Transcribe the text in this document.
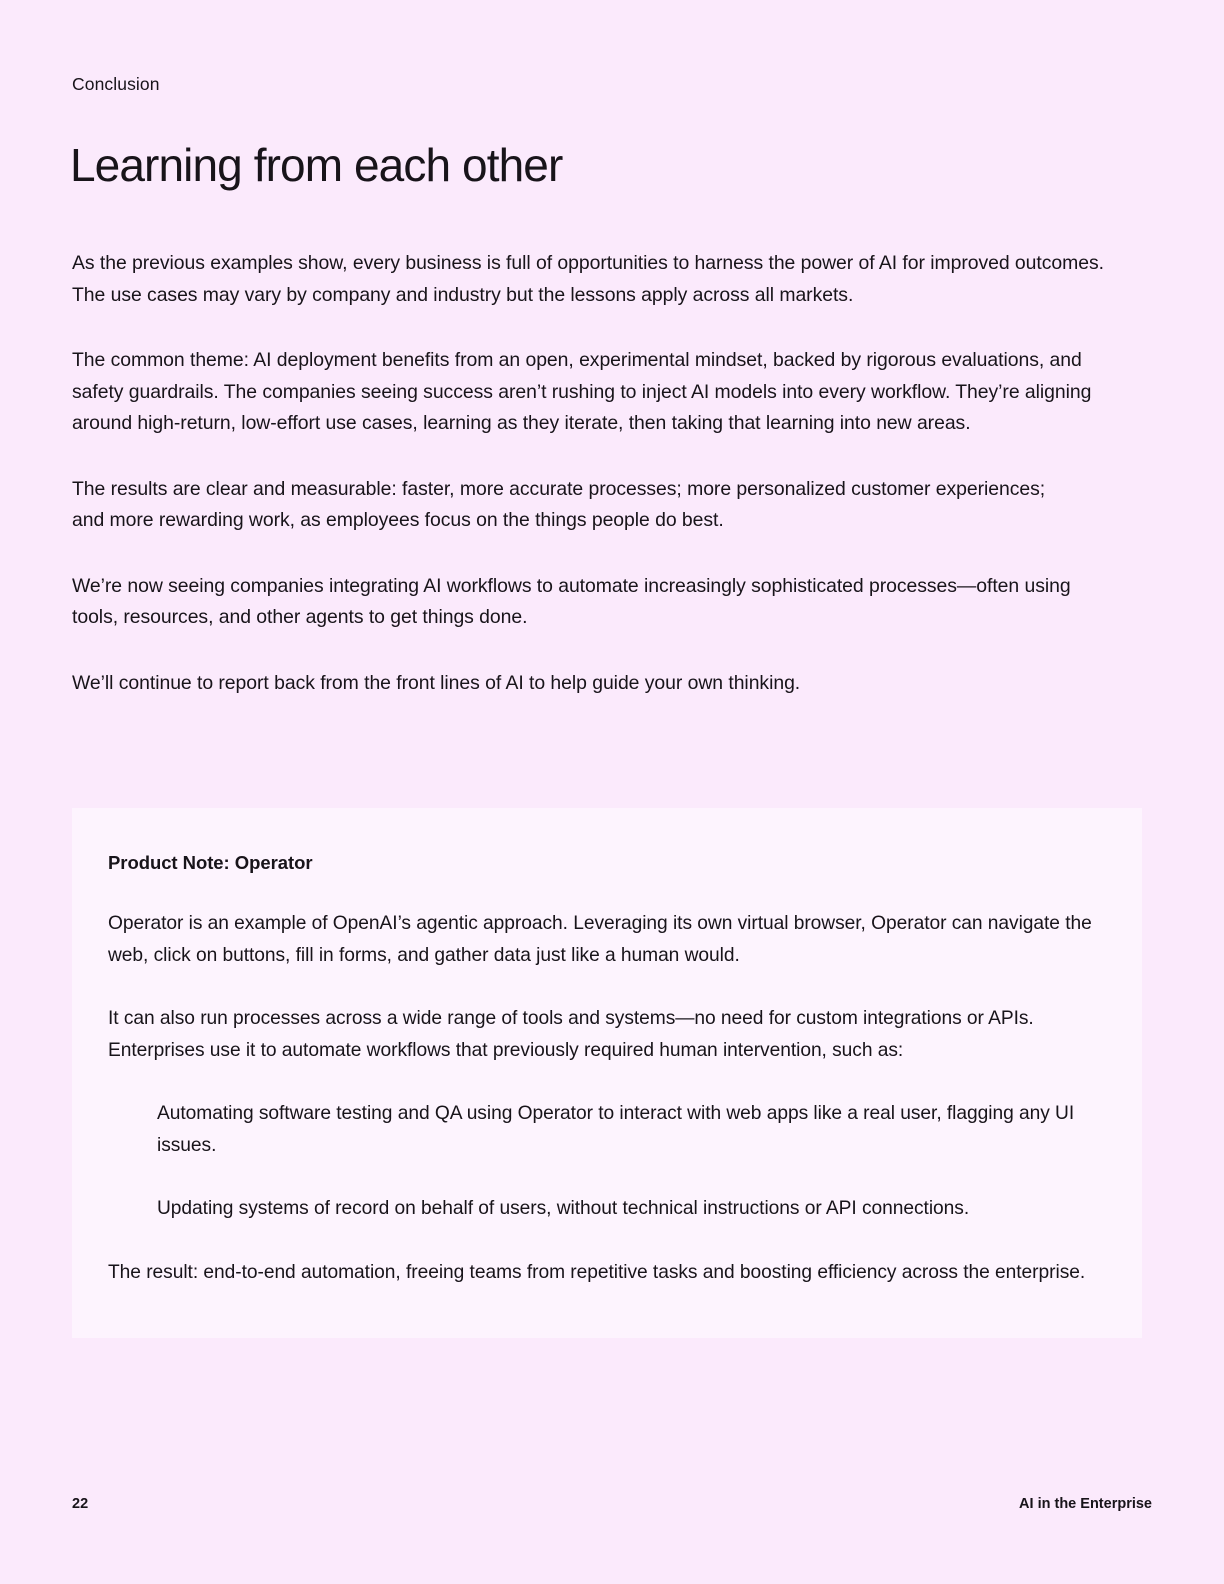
Conclusion
Learning from each other

As the previous examples show, every business is full of opportunities to harness the power of AI for improved outcomes. The use cases may vary by company and industry but the lessons apply across all markets.

The common theme: AI deployment benefits from an open, experimental mindset, backed by rigorous evaluations, and safety guardrails. The companies seeing success aren’t rushing to inject AI models into every workflow. They’re aligning around high-return, low-effort use cases, learning as they iterate, then taking that learning into new areas.

The results are clear and measurable: faster, more accurate processes; more personalized customer experiences; and more rewarding work, as employees focus on the things people do best.

We’re now seeing companies integrating AI workflows to automate increasingly sophisticated processes—often using tools, resources, and other agents to get things done.

We’ll continue to report back from the front lines of AI to help guide your own thinking.

Product Note: Operator

Operator is an example of OpenAI’s agentic approach. Leveraging its own virtual browser, Operator can navigate the web, click on buttons, fill in forms, and gather data just like a human would.

It can also run processes across a wide range of tools and systems—no need for custom integrations or APIs. Enterprises use it to automate workflows that previously required human intervention, such as:

Automating software testing and QA using Operator to interact with web apps like a real user, flagging any UI issues.
Updating systems of record on behalf of users, without technical instructions or API connections.

The result: end-to-end automation, freeing teams from repetitive tasks and boosting efficiency across the enterprise.

22	AI in the Enterprise
